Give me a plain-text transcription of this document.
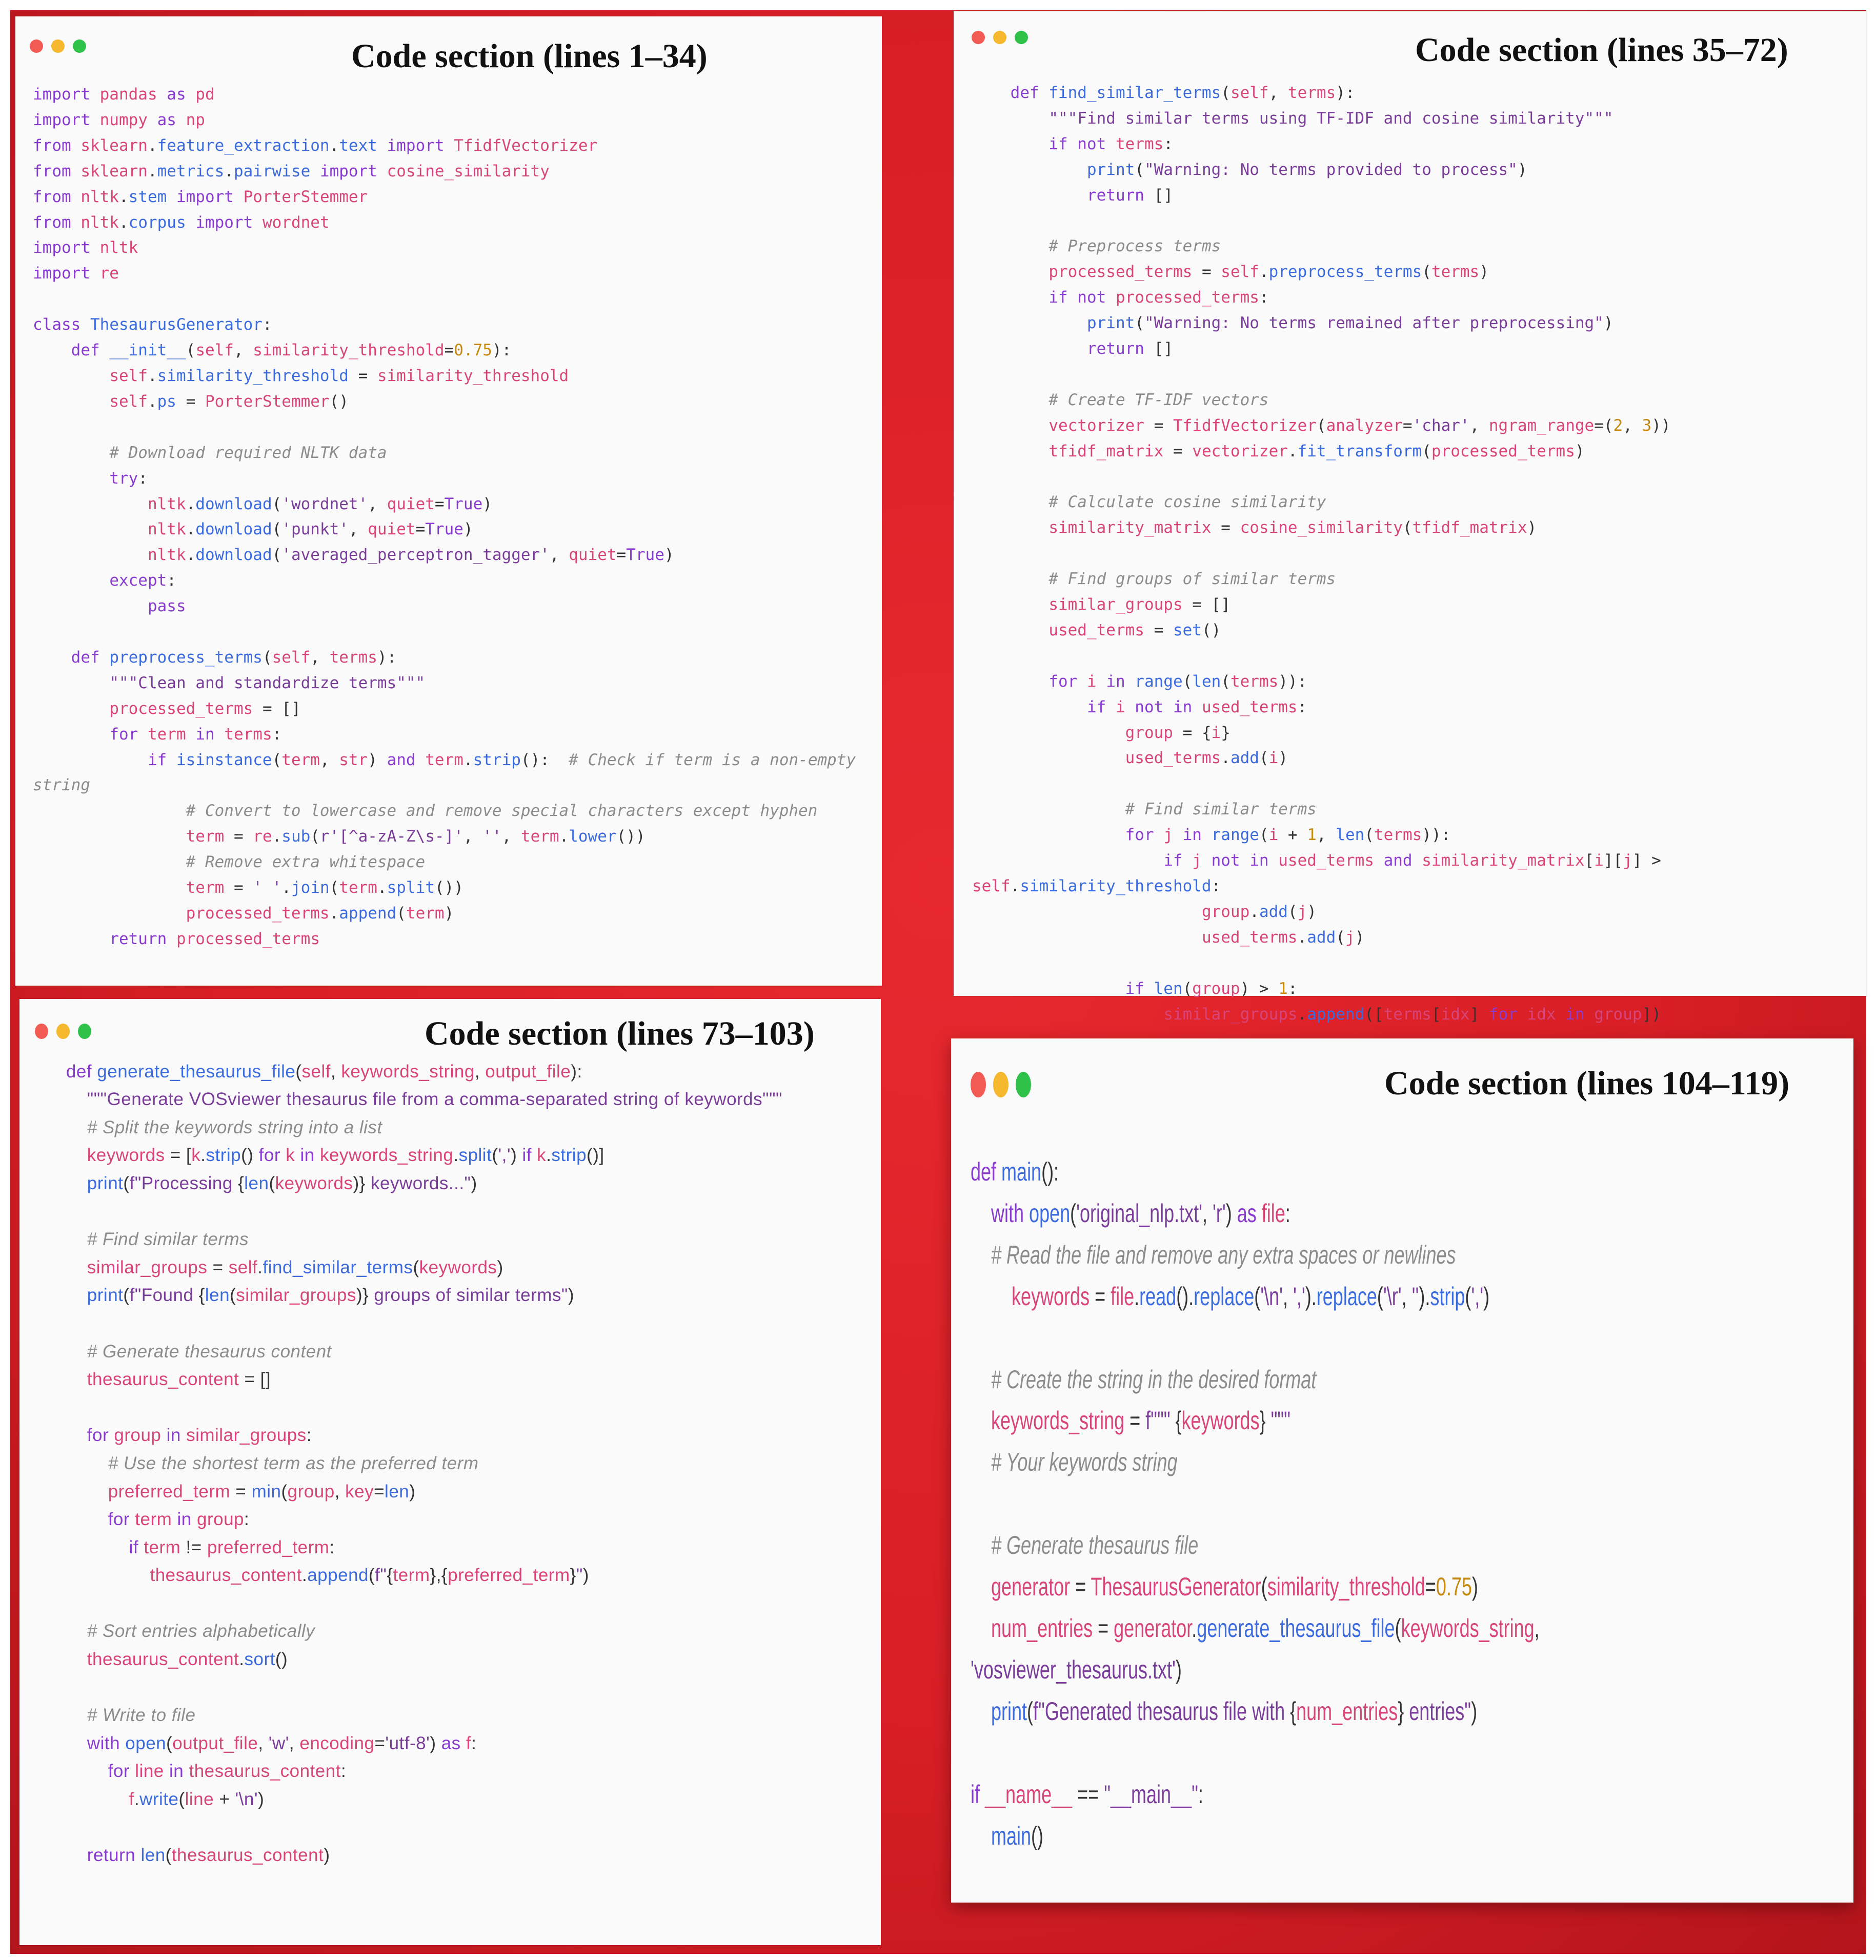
Code section (lines 1–34)
import pandas as pd
import numpy as np
from sklearn.feature_extraction.text import TfidfVectorizer
from sklearn.metrics.pairwise import cosine_similarity
from nltk.stem import PorterStemmer
from nltk.corpus import wordnet
import nltk
import re

class ThesaurusGenerator:
def __init__(self, similarity_threshold=0.75):
self.similarity_threshold = similarity_threshold
self.ps = PorterStemmer()

# Download required NLTK data
try:
nltk.download('wordnet', quiet=True)
nltk.download('punkt', quiet=True)
nltk.download('averaged_perceptron_tagger', quiet=True)
except:
pass

def preprocess_terms(self, terms):
"""Clean and standardize terms"""
processed_terms = []
for term in terms:
if isinstance(term, str) and term.strip():  # Check if term is a non-empty
string
# Convert to lowercase and remove special characters except hyphen
term = re.sub(r'[^a-zA-Z\s-]', '', term.lower())
# Remove extra whitespace
term = ' '.join(term.split())
processed_terms.append(term)
return processed_terms
Code section (lines 35–72)

def find_similar_terms(self, terms):
"""Find similar terms using TF-IDF and cosine similarity"""
if not terms:
print("Warning: No terms provided to process")
return []

# Preprocess terms
processed_terms = self.preprocess_terms(terms)
if not processed_terms:
print("Warning: No terms remained after preprocessing")
return []

# Create TF-IDF vectors
vectorizer = TfidfVectorizer(analyzer='char', ngram_range=(2, 3))
tfidf_matrix = vectorizer.fit_transform(processed_terms)

# Calculate cosine similarity
similarity_matrix = cosine_similarity(tfidf_matrix)

# Find groups of similar terms
similar_groups = []
used_terms = set()

for i in range(len(terms)):
if i not in used_terms:
group = {i}
used_terms.add(i)

# Find similar terms
for j in range(i + 1, len(terms)):
if j not in used_terms and similarity_matrix[i][j] >
self.similarity_threshold:
group.add(j)
used_terms.add(j)

if len(group) > 1:
similar_groups.append([terms[idx] for idx in group])

Code section (lines 73–103)

def generate_thesaurus_file(self, keywords_string, output_file):
"""Generate VOSviewer thesaurus file from a comma-separated string of keywords"""
# Split the keywords string into a list
keywords = [k.strip() for k in keywords_string.split(',') if k.strip()]
print(f"Processing {len(keywords)} keywords...")

# Find similar terms
similar_groups = self.find_similar_terms(keywords)
print(f"Found {len(similar_groups)} groups of similar terms")

# Generate thesaurus content
thesaurus_content = []

for group in similar_groups:
# Use the shortest term as the preferred term
preferred_term = min(group, key=len)
for term in group:
if term != preferred_term:
thesaurus_content.append(f"{term},{preferred_term}")

# Sort entries alphabetically
thesaurus_content.sort()

# Write to file
with open(output_file, 'w', encoding='utf-8') as f:
for line in thesaurus_content:
f.write(line + '\n')

return len(thesaurus_content)
Code section (lines 104–119)
def main():
with open('original_nlp.txt', 'r') as file:
# Read the file and remove any extra spaces or newlines
keywords = file.read().replace('\n', ',').replace('\r', '').strip(',')

# Create the string in the desired format
keywords_string = f""" {keywords} """
# Your keywords string

# Generate thesaurus file
generator = ThesaurusGenerator(similarity_threshold=0.75)
num_entries = generator.generate_thesaurus_file(keywords_string,
'vosviewer_thesaurus.txt')
print(f"Generated thesaurus file with {num_entries} entries")

if __name__ == "__main__":
main()
